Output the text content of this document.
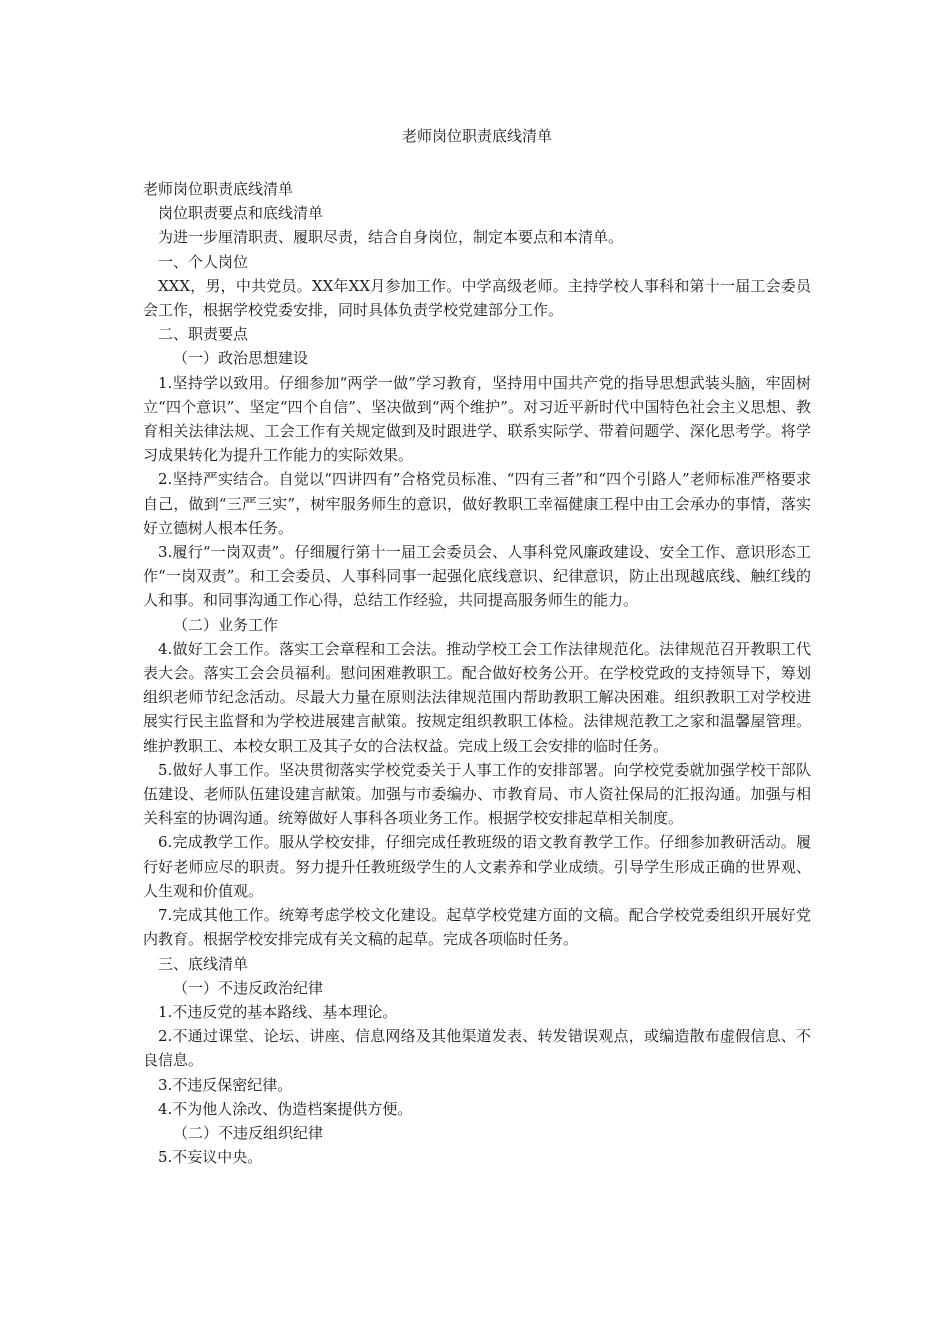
老师岗位职责底线清单

老师岗位职责底线清单

岗位职责要点和底线清单

为进一步厘清职责、履职尽责，结合自身岗位，制定本要点和本清单。

一、个人岗位

XXX，男，中共党员。XX年XX月参加工作。中学高级老师。主持学校人事科和第十一届工会委员会工作，根据学校党委安排，同时具体负责学校党建部分工作。

二、职责要点

（一）政治思想建设

1.坚持学以致用。仔细参加“两学一做”学习教育，坚持用中国共产党的指导思想武装头脑，牢固树立“四个意识”、坚定“四个自信”、坚决做到“两个维护”。对习近平新时代中国特色社会主义思想、教育相关法律法规、工会工作有关规定做到及时跟进学、联系实际学、带着问题学、深化思考学。将学习成果转化为提升工作能力的实际效果。

2.坚持严实结合。自觉以“四讲四有”合格党员标准、“四有三者”和“四个引路人”老师标准严格要求自己，做到“三严三实”，树牢服务师生的意识，做好教职工幸福健康工程中由工会承办的事情，落实好立德树人根本任务。

3.履行“一岗双责”。仔细履行第十一届工会委员会、人事科党风廉政建设、安全工作、意识形态工作“一岗双责”。和工会委员、人事科同事一起强化底线意识、纪律意识，防止出现越底线、触红线的人和事。和同事沟通工作心得，总结工作经验，共同提高服务师生的能力。

（二）业务工作

4.做好工会工作。落实工会章程和工会法。推动学校工会工作法律规范化。法律规范召开教职工代表大会。落实工会会员福利。慰问困难教职工。配合做好校务公开。在学校党政的支持领导下，筹划组织老师节纪念活动。尽最大力量在原则法法律规范围内帮助教职工解决困难。组织教职工对学校进展实行民主监督和为学校进展建言献策。按规定组织教职工体检。法律规范教工之家和温馨屋管理。维护教职工、本校女职工及其子女的合法权益。完成上级工会安排的临时任务。

5.做好人事工作。坚决贯彻落实学校党委关于人事工作的安排部署。向学校党委就加强学校干部队伍建设、老师队伍建设建言献策。加强与市委编办、市教育局、市人资社保局的汇报沟通。加强与相关科室的协调沟通。统筹做好人事科各项业务工作。根据学校安排起草相关制度。

6.完成教学工作。服从学校安排，仔细完成任教班级的语文教育教学工作。仔细参加教研活动。履行好老师应尽的职责。努力提升任教班级学生的人文素养和学业成绩。引导学生形成正确的世界观、人生观和价值观。

7.完成其他工作。统筹考虑学校文化建设。起草学校党建方面的文稿。配合学校党委组织开展好党内教育。根据学校安排完成有关文稿的起草。完成各项临时任务。

三、底线清单

（一）不违反政治纪律

1.不违反党的基本路线、基本理论。

2.不通过课堂、论坛、讲座、信息网络及其他渠道发表、转发错误观点，或编造散布虚假信息、不良信息。

3.不违反保密纪律。

4.不为他人涂改、伪造档案提供方便。

（二）不违反组织纪律

5.不妄议中央。
